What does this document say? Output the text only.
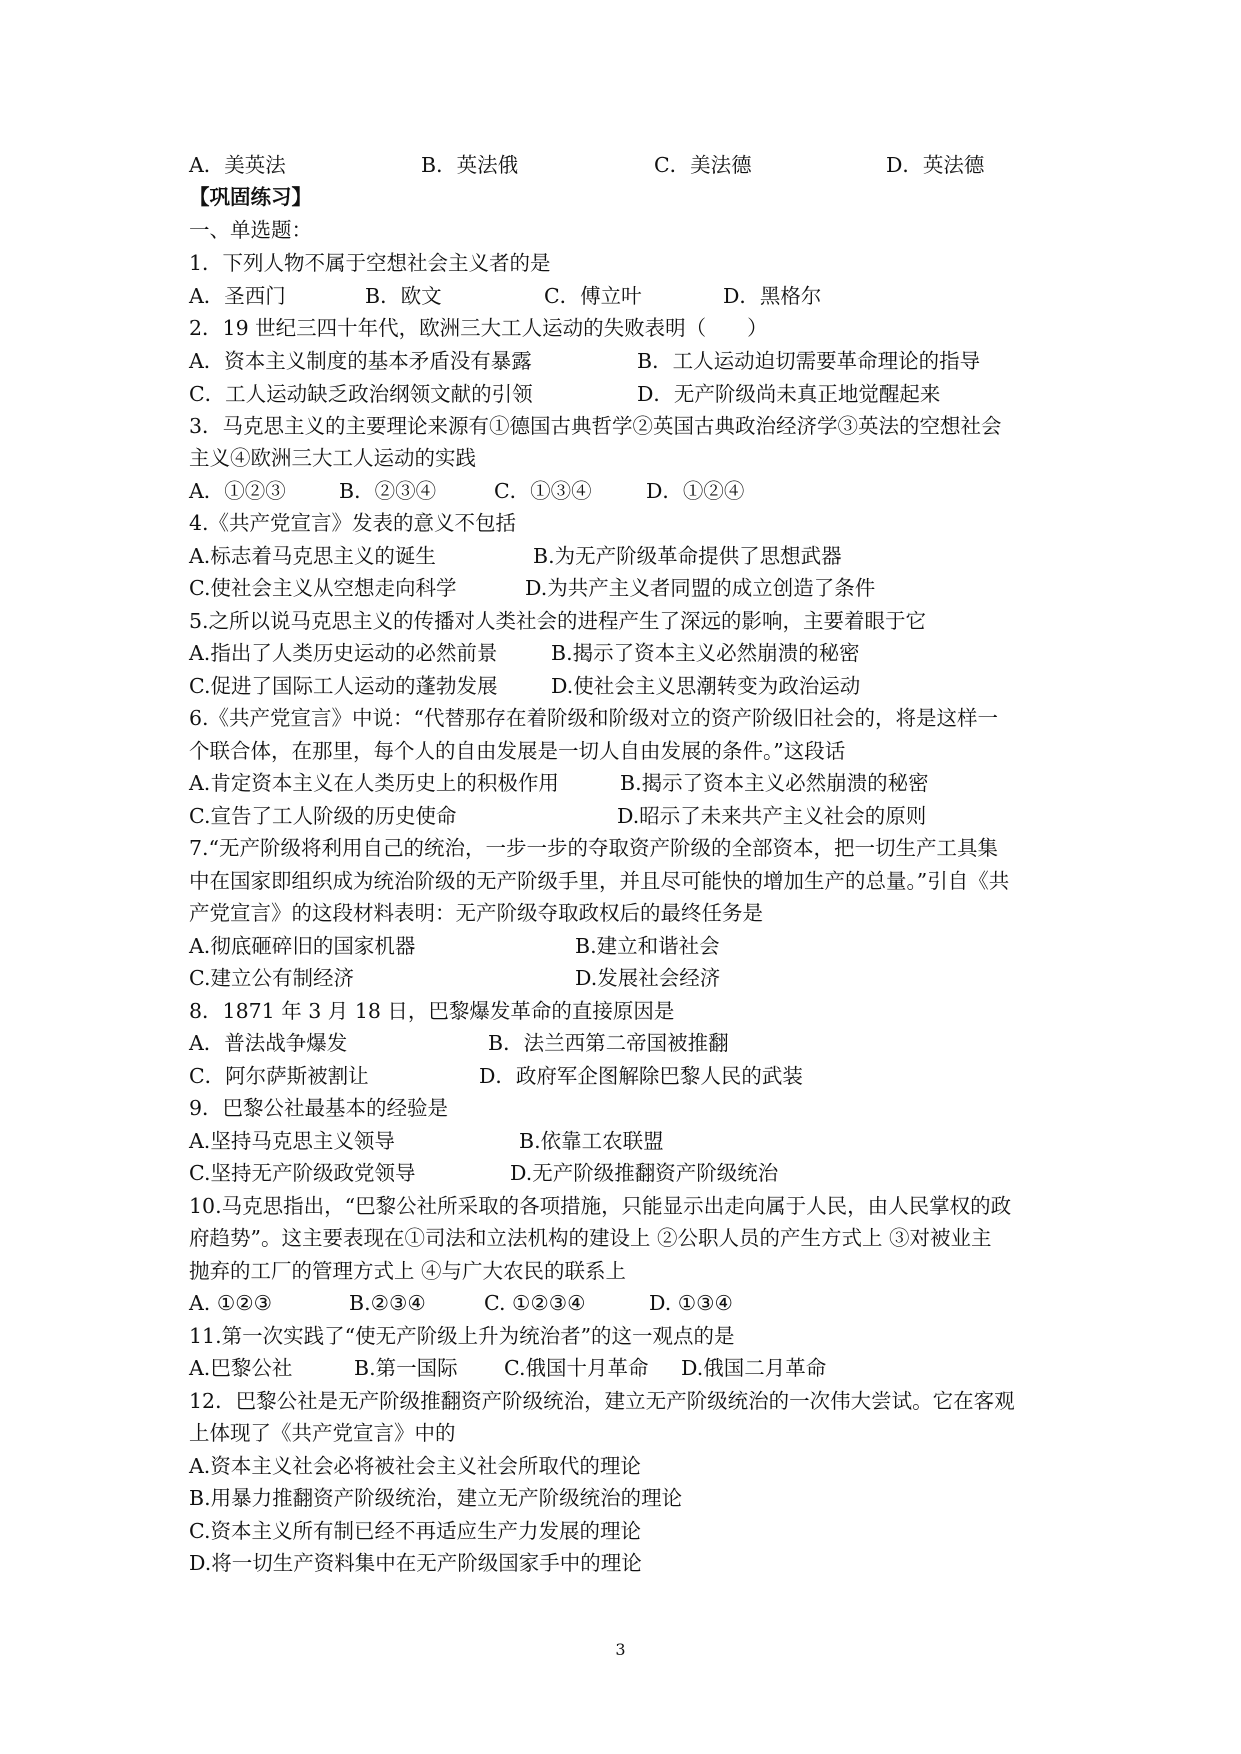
A．美英法	B．英法俄	C．美法德	D．英法德
【巩固练习】
一、单选题：
1．下列人物不属于空想社会主义者的是
A．圣西门	B．欧文	C．傅立叶	D．黑格尔
2．19 世纪三四十年代，欧洲三大工人运动的失败表明（　　）
A．资本主义制度的基本矛盾没有暴露	B．工人运动迫切需要革命理论的指导
C．工人运动缺乏政治纲领文献的引领	D．无产阶级尚未真正地觉醒起来
3．马克思主义的主要理论来源有①德国古典哲学②英国古典政治经济学③英法的空想社会
主义④欧洲三大工人运动的实践
A．①②③	B．②③④	C．①③④	D．①②④
4.《共产党宣言》发表的意义不包括
A.标志着马克思主义的诞生	B.为无产阶级革命提供了思想武器
C.使社会主义从空想走向科学	D.为共产主义者同盟的成立创造了条件
5.之所以说马克思主义的传播对人类社会的进程产生了深远的影响，主要着眼于它
A.指出了人类历史运动的必然前景	B.揭示了资本主义必然崩溃的秘密
C.促进了国际工人运动的蓬勃发展	D.使社会主义思潮转变为政治运动
6.《共产党宣言》中说：“代替那存在着阶级和阶级对立的资产阶级旧社会的，将是这样一
个联合体，在那里，每个人的自由发展是一切人自由发展的条件。”这段话
A.肯定资本主义在人类历史上的积极作用	B.揭示了资本主义必然崩溃的秘密
C.宣告了工人阶级的历史使命	D.昭示了未来共产主义社会的原则
7.“无产阶级将利用自己的统治，一步一步的夺取资产阶级的全部资本，把一切生产工具集
中在国家即组织成为统治阶级的无产阶级手里，并且尽可能快的增加生产的总量。”引自《共
产党宣言》的这段材料表明：无产阶级夺取政权后的最终任务是
A.彻底砸碎旧的国家机器	B.建立和谐社会
C.建立公有制经济	D.发展社会经济
8．1871 年 3 月 18 日，巴黎爆发革命的直接原因是
A．普法战争爆发	B．法兰西第二帝国被推翻
C．阿尔萨斯被割让	D．政府军企图解除巴黎人民的武装
9．巴黎公社最基本的经验是
A.坚持马克思主义领导	B.依靠工农联盟
C.坚持无产阶级政党领导	D.无产阶级推翻资产阶级统治
10.马克思指出，“巴黎公社所采取的各项措施，只能显示出走向属于人民，由人民掌权的政
府趋势”。这主要表现在①司法和立法机构的建设上 ②公职人员的产生方式上 ③对被业主
抛弃的工厂的管理方式上 ④与广大农民的联系上
A. ①②③	B.②③④	C. ①②③④	D. ①③④
11.第一次实践了“使无产阶级上升为统治者”的这一观点的是
A.巴黎公社	B.第一国际 C.俄国十月革命 D.俄国二月革命
12．巴黎公社是无产阶级推翻资产阶级统治，建立无产阶级统治的一次伟大尝试。它在客观
上体现了《共产党宣言》中的
A.资本主义社会必将被社会主义社会所取代的理论
B.用暴力推翻资产阶级统治，建立无产阶级统治的理论
C.资本主义所有制已经不再适应生产力发展的理论
D.将一切生产资料集中在无产阶级国家手中的理论
3
